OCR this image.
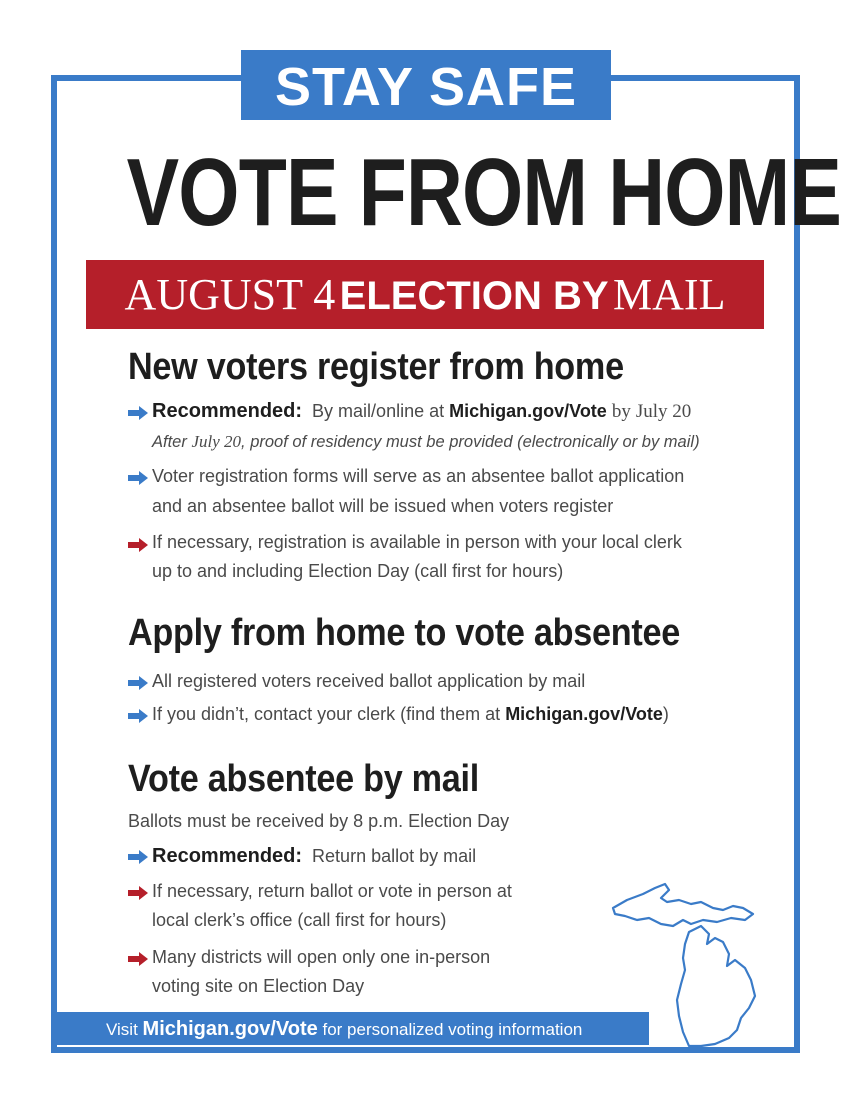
STAY SAFE
VOTE FROM HOME
AUGUST 4 ELECTION BY MAIL
New voters register from home
Recommended: By mail/online at Michigan.gov/Vote by July 20
After July 20, proof of residency must be provided (electronically or by mail)
Voter registration forms will serve as an absentee ballot application
and an absentee ballot will be issued when voters register
If necessary, registration is available in person with your local clerk
up to and including Election Day (call first for hours)
Apply from home to vote absentee
All registered voters received ballot application by mail
If you didn’t, contact your clerk (find them at Michigan.gov/Vote)
Vote absentee by mail
Ballots must be received by 8 p.m. Election Day
Recommended: Return ballot by mail
If necessary, return ballot or vote in person at
local clerk’s office (call first for hours)
Many districts will open only one in-person
voting site on Election Day
Visit Michigan.gov/Vote for personalized voting information
